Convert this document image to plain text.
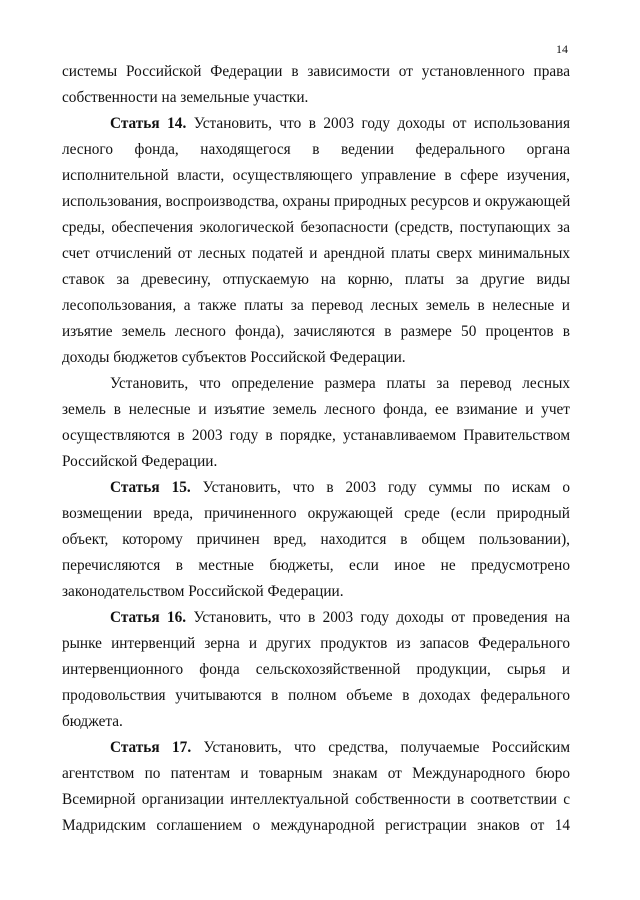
14
системы Российской Федерации в зависимости от установленного права
собственности на земельные участки.
Статья 14. Установить, что в 2003 году доходы от использования
лесного фонда, находящегося в ведении федерального органа
исполнительной власти, осуществляющего управление в сфере изучения,
использования, воспроизводства, охраны природных ресурсов и окружающей
среды, обеспечения экологической безопасности (средств, поступающих за
счет отчислений от лесных податей и арендной платы сверх минимальных
ставок за древесину, отпускаемую на корню, платы за другие виды
лесопользования, а также платы за перевод лесных земель в нелесные и
изъятие земель лесного фонда), зачисляются в размере 50 процентов в
доходы бюджетов субъектов Российской Федерации.
Установить, что определение размера платы за перевод лесных
земель в нелесные и изъятие земель лесного фонда, ее взимание и учет
осуществляются в 2003 году в порядке, устанавливаемом Правительством
Российской Федерации.
Статья 15. Установить, что в 2003 году суммы по искам о
возмещении вреда, причиненного окружающей среде (если природный
объект, которому причинен вред, находится в общем пользовании),
перечисляются в местные бюджеты, если иное не предусмотрено
законодательством Российской Федерации.
Статья 16. Установить, что в 2003 году доходы от проведения на
рынке интервенций зерна и других продуктов из запасов Федерального
интервенционного фонда сельскохозяйственной продукции, сырья и
продовольствия учитываются в полном объеме в доходах федерального
бюджета.
Статья 17. Установить, что средства, получаемые Российским
агентством по патентам и товарным знакам от Международного бюро
Всемирной организации интеллектуальной собственности в соответствии с
Мадридским соглашением о международной регистрации знаков от 14
